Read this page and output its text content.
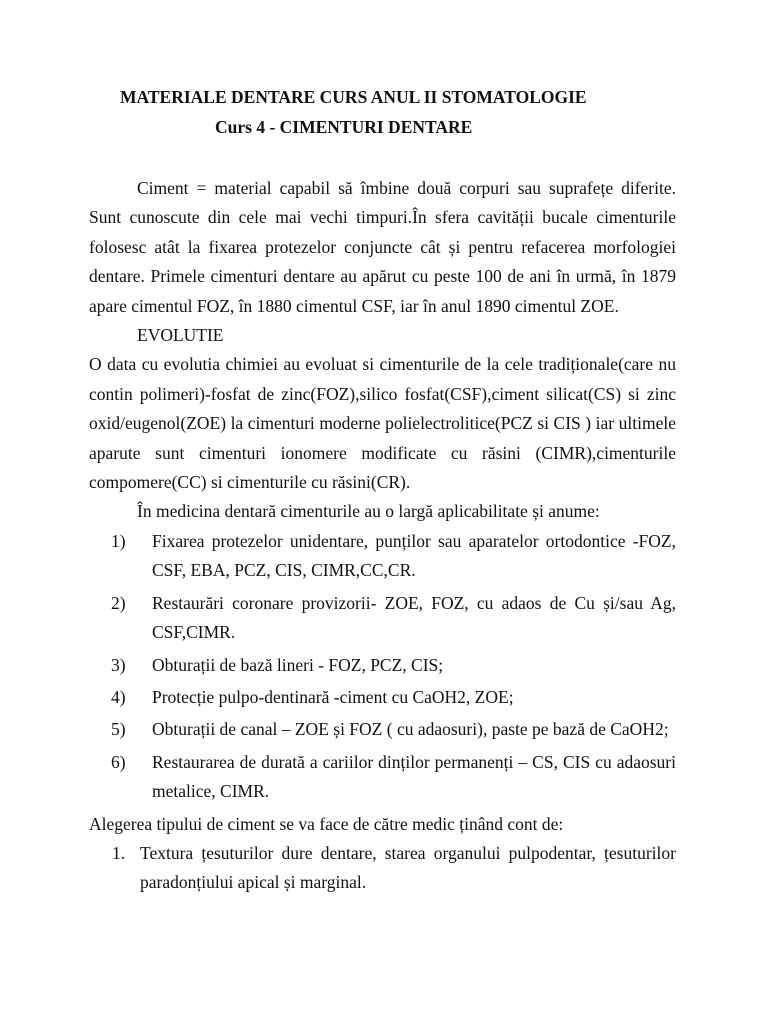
MATERIALE DENTARE CURS ANUL II STOMATOLOGIE
Curs 4 - CIMENTURI DENTARE

Ciment = material capabil să îmbine două corpuri sau suprafețe diferite. Sunt cunoscute din cele mai vechi timpuri.În sfera cavității bucale cimenturile folosesc atât la fixarea protezelor conjuncte cât și pentru refacerea morfologiei dentare. Primele cimenturi dentare au apărut cu peste 100 de ani în urmă, în 1879 apare cimentul FOZ, în 1880 cimentul CSF, iar în anul 1890 cimentul ZOE.

EVOLUTIE

O data cu evolutia chimiei au evoluat si cimenturile de la cele tradiționale(care nu contin polimeri)-fosfat de zinc(FOZ),silico fosfat(CSF),ciment silicat(CS) si zinc oxid/eugenol(ZOE) la cimenturi moderne polielectrolitice(PCZ si CIS ) iar ultimele aparute sunt cimenturi ionomere modificate cu răsini (CIMR),cimenturile compomere(CC) si cimenturile cu răsini(CR).

În medicina dentară cimenturile au o largă aplicabilitate și anume:

1)	Fixarea protezelor unidentare, punților sau aparatelor ortodontice -FOZ, CSF, EBA, PCZ, CIS, CIMR,CC,CR.
2)	Restaurări coronare provizorii- ZOE, FOZ, cu adaos de Cu și/sau Ag, CSF,CIMR.
3)	Obturații de bază lineri - FOZ, PCZ, CIS;
4)	Protecție pulpo-dentinară -ciment cu CaOH2, ZOE;
5)	Obturații de canal – ZOE și FOZ ( cu adaosuri), paste pe bază de CaOH2;
6)	Restaurarea de durată a cariilor dinților permanenți – CS, CIS cu adaosuri metalice, CIMR.

Alegerea tipului de ciment se va face de către medic ținând cont de:

1. Textura țesuturilor dure dentare, starea organului pulpodentar, țesuturilor paradonțiului apical și marginal.
